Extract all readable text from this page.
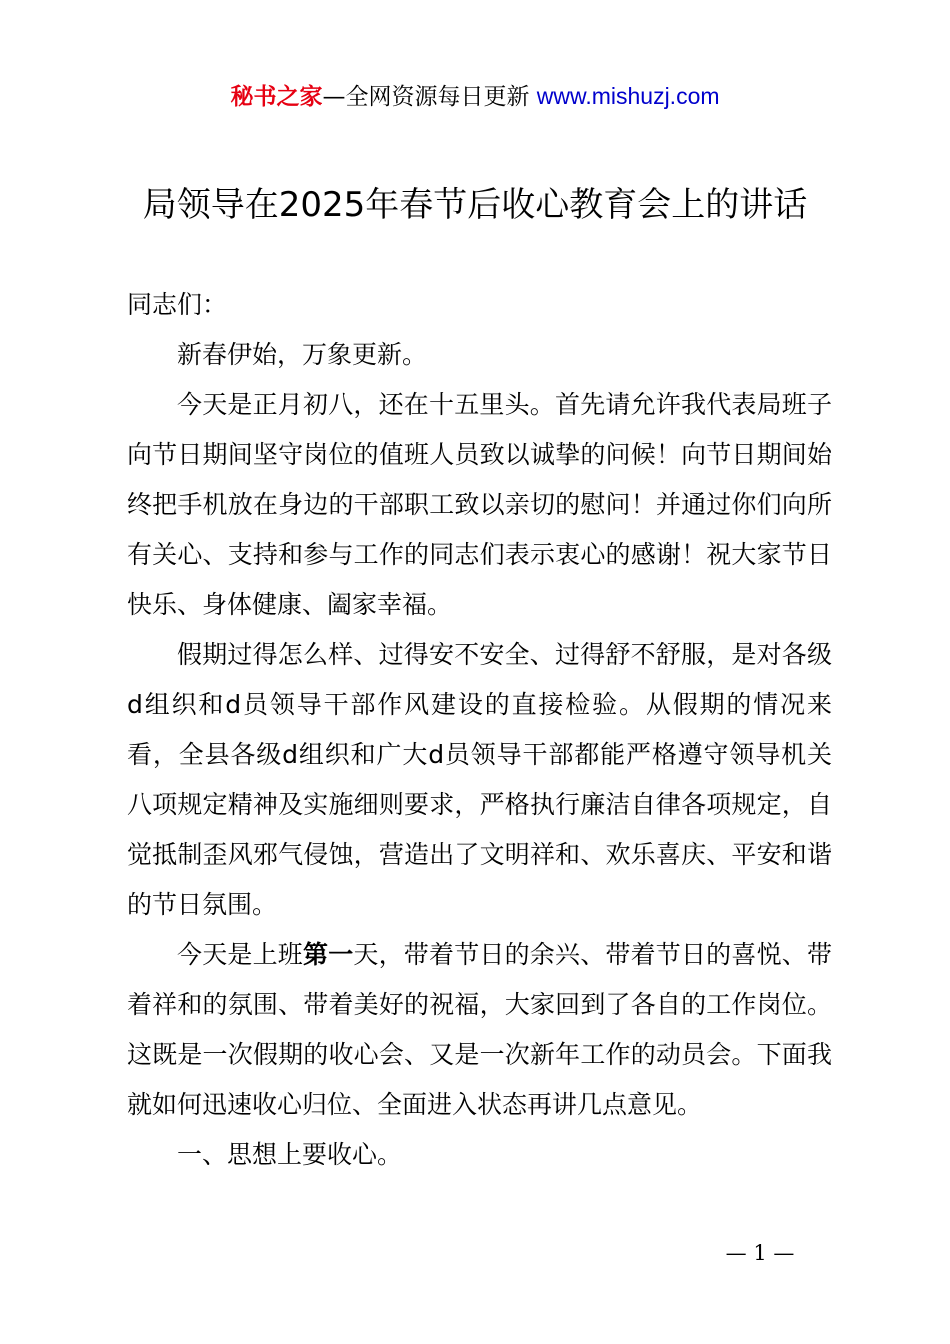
秘书之家—全网资源每日更新 www.mishuzj.com
局领导在2025年春节后收心教育会上的讲话

同志们：

新春伊始，万象更新。

今天是正月初八，还在十五里头。首先请允许我代表局班子向节日期间坚守岗位的值班人员致以诚挚的问候！向节日期间始终把手机放在身边的干部职工致以亲切的慰问！并通过你们向所有关心、支持和参与工作的同志们表示衷心的感谢！祝大家节日快乐、身体健康、阖家幸福。

假期过得怎么样、过得安不安全、过得舒不舒服，是对各级d组织和d员领导干部作风建设的直接检验。从假期的情况来看，全县各级d组织和广大d员领导干部都能严格遵守领导机关八项规定精神及实施细则要求，严格执行廉洁自律各项规定，自觉抵制歪风邪气侵蚀，营造出了文明祥和、欢乐喜庆、平安和谐的节日氛围。

今天是上班第一天，带着节日的余兴、带着节日的喜悦、带着祥和的氛围、带着美好的祝福，大家回到了各自的工作岗位。这既是一次假期的收心会、又是一次新年工作的动员会。下面我就如何迅速收心归位、全面进入状态再讲几点意见。

一、思想上要收心。

— 1 —
